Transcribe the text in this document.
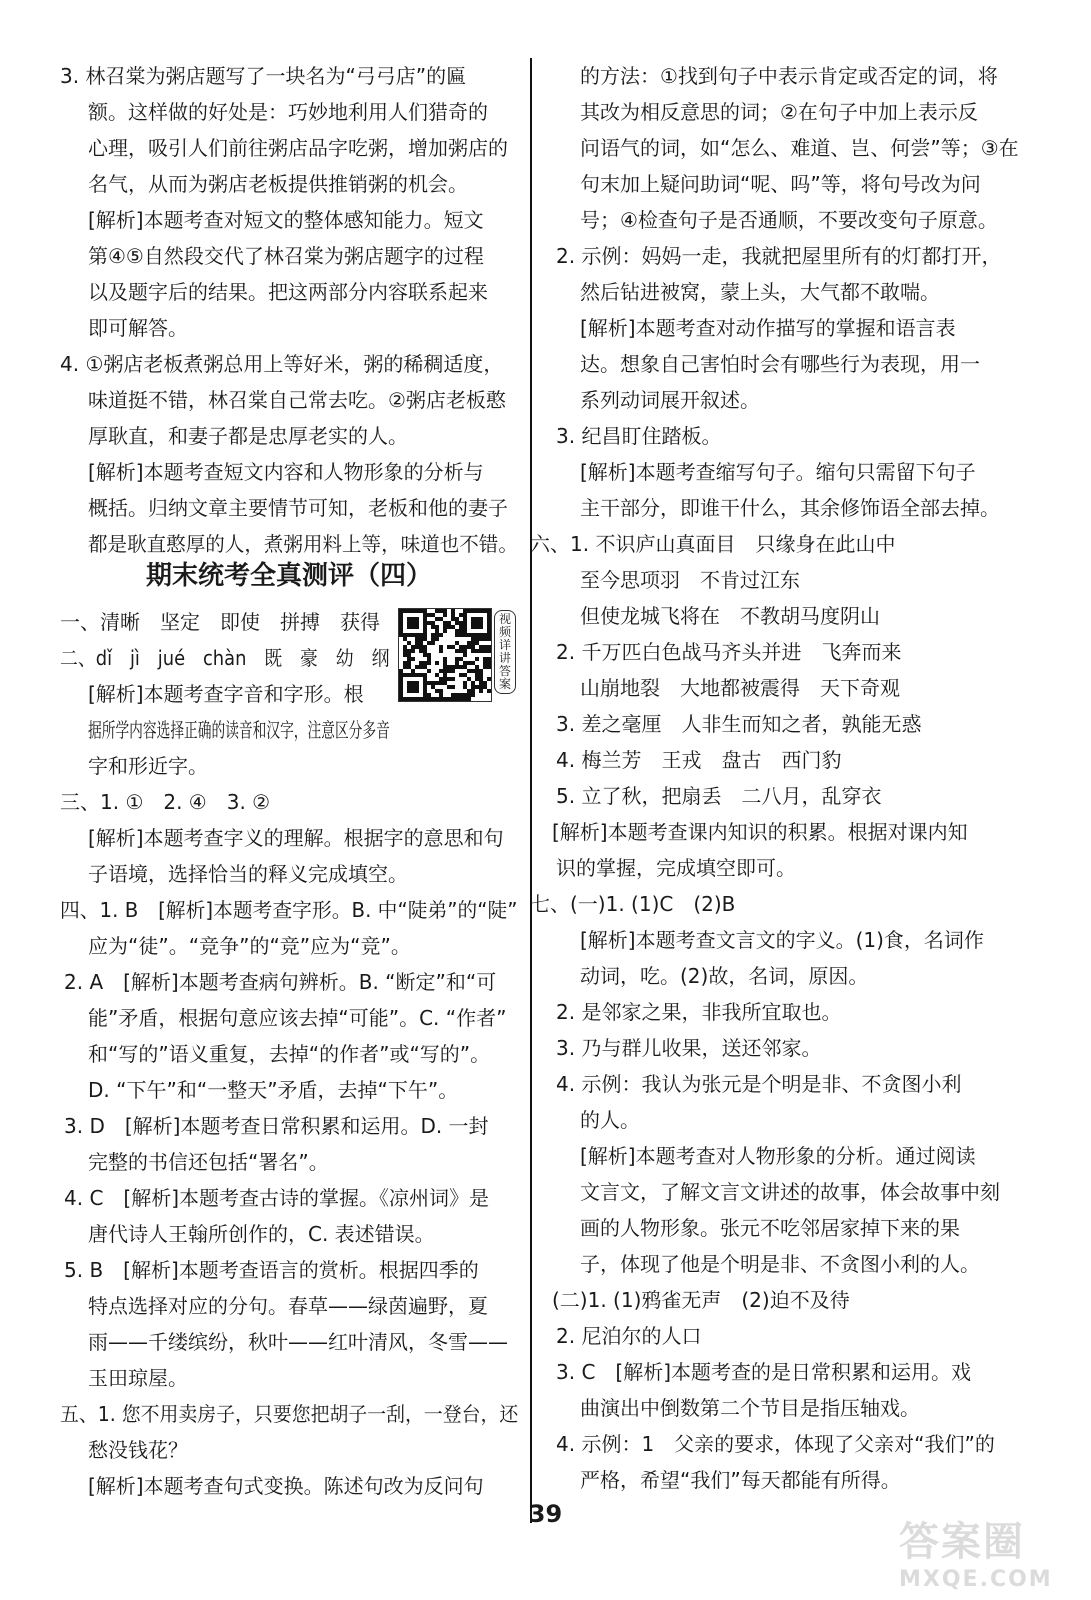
3. 林召棠为粥店题写了一块名为“弓弓店”的匾
额。这样做的好处是：巧妙地利用人们猎奇的
心理，吸引人们前往粥店品字吃粥，增加粥店的
名气，从而为粥店老板提供推销粥的机会。
[解析]本题考查对短文的整体感知能力。短文
第④⑤自然段交代了林召棠为粥店题字的过程
以及题字后的结果。把这两部分内容联系起来
即可解答。
4. ①粥店老板煮粥总用上等好米，粥的稀稠适度，
味道挺不错，林召棠自己常去吃。②粥店老板憨
厚耿直，和妻子都是忠厚老实的人。
[解析]本题考查短文内容和人物形象的分析与
概括。归纳文章主要情节可知，老板和他的妻子
都是耿直憨厚的人，煮粥用料上等，味道也不错。
期末统考全真测评（四）
一、清晰　坚定　即使　拼搏　获得
二、dǐ　jì　jué　chàn　既　豪　幼　纲
[解析]本题考查字音和字形。根
据所学内容选择正确的读音和汉字，注意区分多音
字和形近字。
三、1. ①　2. ④　3. ②
[解析]本题考查字义的理解。根据字的意思和句
子语境，选择恰当的释义完成填空。
四、1. B　[解析]本题考查字形。B. 中“陡弟”的“陡”
应为“徒”。“竞争”的“竞”应为“竞”。
2. A　[解析]本题考查病句辨析。B. “断定”和“可
能”矛盾，根据句意应该去掉“可能”。C. “作者”
和“写的”语义重复，去掉“的作者”或“写的”。
D. “下午”和“一整天”矛盾，去掉“下午”。
3. D　[解析]本题考查日常积累和运用。D. 一封
完整的书信还包括“署名”。
4. C　[解析]本题考查古诗的掌握。《凉州词》是
唐代诗人王翰所创作的，C. 表述错误。
5. B　[解析]本题考查语言的赏析。根据四季的
特点选择对应的分句。春草——绿茵遍野，夏
雨——千缕缤纷，秋叶——红叶清风，冬雪——
玉田琼屋。
五、1. 您不用卖房子，只要您把胡子一刮，一登台，还
愁没钱花？
[解析]本题考查句式变换。陈述句改为反问句
视频详讲答案
的方法：①找到句子中表示肯定或否定的词，将
其改为相反意思的词；②在句子中加上表示反
问语气的词，如“怎么、难道、岂、何尝”等；③在
句末加上疑问助词“呢、吗”等，将句号改为问
号；④检查句子是否通顺，不要改变句子原意。
2. 示例：妈妈一走，我就把屋里所有的灯都打开，
然后钻进被窝，蒙上头，大气都不敢喘。
[解析]本题考查对动作描写的掌握和语言表
达。想象自己害怕时会有哪些行为表现，用一
系列动词展开叙述。
3. 纪昌盯住踏板。
[解析]本题考查缩写句子。缩句只需留下句子
主干部分，即谁干什么，其余修饰语全部去掉。
六、1. 不识庐山真面目　只缘身在此山中
至今思项羽　不肯过江东
但使龙城飞将在　不教胡马度阴山
2. 千万匹白色战马齐头并进　飞奔而来
山崩地裂　大地都被震得　天下奇观
3. 差之毫厘　人非生而知之者，孰能无惑
4. 梅兰芳　王戎　盘古　西门豹
5. 立了秋，把扇丢　二八月，乱穿衣
[解析]本题考查课内知识的积累。根据对课内知
识的掌握，完成填空即可。
七、(一)1. (1)C　(2)B
[解析]本题考查文言文的字义。(1)食，名词作
动词，吃。(2)故，名词，原因。
2. 是邻家之果，非我所宜取也。
3. 乃与群儿收果，送还邻家。
4. 示例：我认为张元是个明是非、不贪图小利
的人。
[解析]本题考查对人物形象的分析。通过阅读
文言文，了解文言文讲述的故事，体会故事中刻
画的人物形象。张元不吃邻居家掉下来的果
子，体现了他是个明是非、不贪图小利的人。
(二)1. (1)鸦雀无声　(2)迫不及待
2. 尼泊尔的人口
3. C　[解析]本题考查的是日常积累和运用。戏
曲演出中倒数第二个节目是指压轴戏。
4. 示例：1　父亲的要求，体现了父亲对“我们”的
严格，希望“我们”每天都能有所得。
39
答案圈
MXQE.COM
